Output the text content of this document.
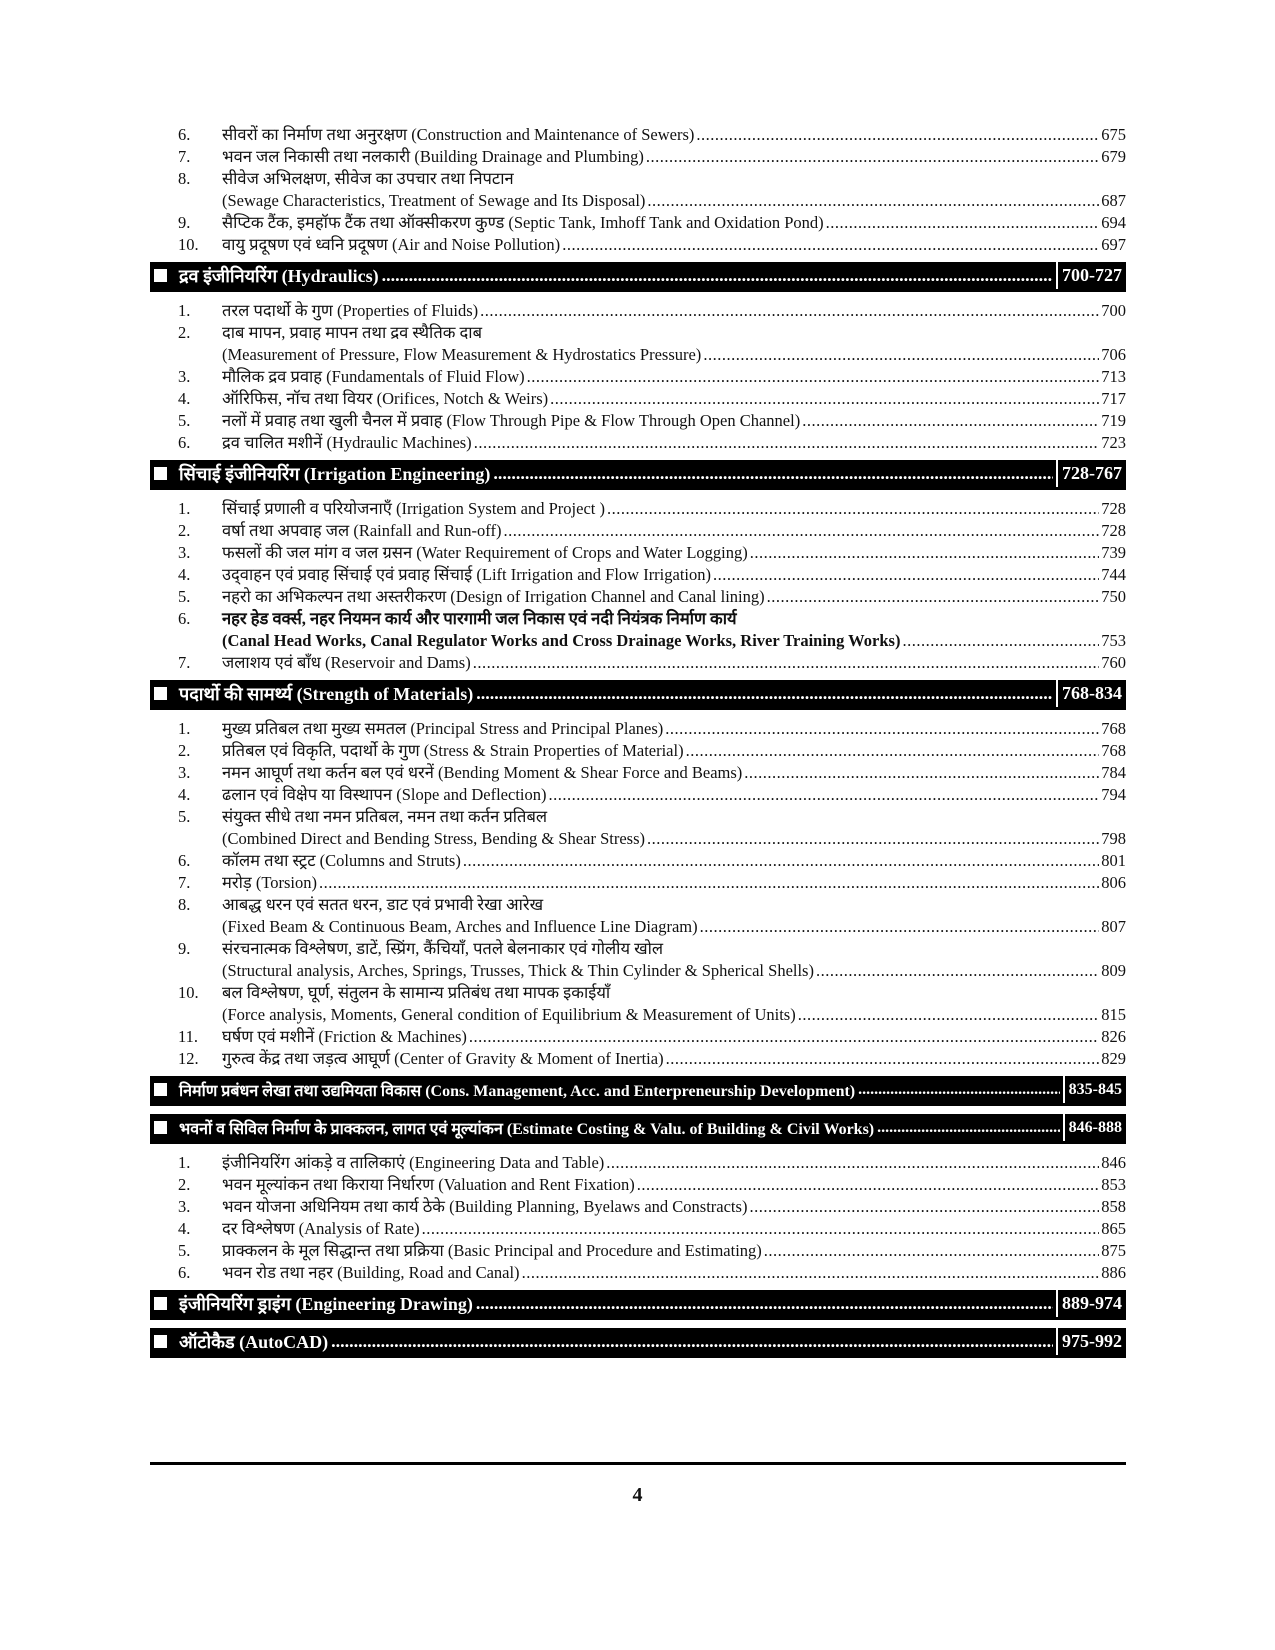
6.	सीवरों का निर्माण तथा अनुरक्षण (Construction and Maintenance of Sewers) .....	675
7.	भवन जल निकासी तथा नलकारी (Building Drainage and Plumbing) .....	679
8.	सीवेज अभिलक्षण, सीवेज का उपचार तथा निपटान
(Sewage Characteristics, Treatment of Sewage and Its Disposal) .....	687
9.	सैप्टिक टैंक, इमहॉफ टैंक तथा ऑक्सीकरण कुण्ड (Septic Tank, Imhoff Tank and Oxidation Pond) .....	694
10.	वायु प्रदूषण एवं ध्वनि प्रदूषण (Air and Noise Pollution) .....	697
द्रव इंजीनियरिंग (Hydraulics) .....	700-727
1.	तरल पदार्थो के गुण (Properties of Fluids) .....	700
2.	दाब मापन, प्रवाह मापन तथा द्रव स्थैतिक दाब
(Measurement of Pressure, Flow Measurement & Hydrostatics Pressure) .....	706
3.	मौलिक द्रव प्रवाह (Fundamentals of Fluid Flow) .....	713
4.	ऑरिफिस, नॉच तथा वियर (Orifices, Notch & Weirs) .....	717
5.	नलों में प्रवाह तथा खुली चैनल में प्रवाह (Flow Through Pipe & Flow Through Open Channel) .....	719
6.	द्रव चालित मशीनें (Hydraulic Machines) .....	723
सिंचाई इंजीनियरिंग (Irrigation Engineering) .....	728-767
1.	सिंचाई प्रणाली व परियोजनाएँ (Irrigation System and Project ) .....	728
2.	वर्षा तथा अपवाह जल (Rainfall and Run-off) .....	728
3.	फसलों की जल मांग व जल ग्रसन (Water Requirement of Crops and Water Logging) .....	739
4.	उद्‌वाहन एवं प्रवाह सिंचाई एवं प्रवाह सिंचाई (Lift Irrigation and Flow Irrigation) .....	744
5.	नहरो का अभिकल्पन तथा अस्तरीकरण (Design of Irrigation Channel and Canal lining) .....	750
6.	नहर हेड वर्क्स, नहर नियमन कार्य और पारगामी जल निकास एवं नदी नियंत्रक निर्माण कार्य
(Canal Head Works, Canal Regulator Works and Cross Drainage Works, River Training Works) .....	753
7.	जलाशय एवं बाँध (Reservoir and Dams) .....	760
पदार्थो की सामर्थ्य (Strength of Materials) .....	768-834
1.	मुख्य प्रतिबल तथा मुख्य समतल (Principal Stress and Principal Planes) .....	768
2.	प्रतिबल एवं विकृति, पदार्थो के गुण (Stress & Strain Properties of Material) .....	768
3.	नमन आघूर्ण तथा कर्तन बल एवं धरनें (Bending Moment & Shear Force and Beams) .....	784
4.	ढलान एवं विक्षेप या विस्थापन (Slope and Deflection) .....	794
5.	संयुक्त सीधे तथा नमन प्रतिबल, नमन तथा कर्तन प्रतिबल
(Combined Direct and Bending Stress, Bending & Shear Stress) .....	798
6.	कॉलम तथा स्ट्रट (Columns and Struts) .....	801
7.	मरोड़ (Torsion) .....	806
8.	आबद्ध धरन एवं सतत धरन, डाट एवं प्रभावी रेखा आरेख
(Fixed Beam & Continuous Beam, Arches and Influence Line Diagram) .....	807
9.	संरचनात्मक विश्लेषण, डाटें, स्प्रिंग, कैंचियाँ, पतले बेलनाकार एवं गोलीय खोल
(Structural analysis, Arches, Springs, Trusses, Thick & Thin Cylinder & Spherical Shells) .....	809
10.	बल विश्लेषण, घूर्ण, संतुलन के सामान्य प्रतिबंध तथा मापक इकाईयाँ
(Force analysis, Moments, General condition of Equilibrium & Measurement of Units) .....	815
11.	घर्षण एवं मशीनें (Friction & Machines) .....	826
12.	गुरुत्व केंद्र तथा जड़त्व आघूर्ण (Center of Gravity & Moment of Inertia) .....	829
निर्माण प्रबंधन लेखा तथा उद्यमियता विकास (Cons. Management, Acc. and Enterpreneurship Development) .....	835-845
भवनों व सिविल निर्माण के प्राक्कलन, लागत एवं मूल्यांकन (Estimate Costing & Valu. of Building & Civil Works) .....	846-888
1.	इंजीनियरिंग आंकड़े व तालिकाएं (Engineering Data and Table) .....	846
2.	भवन मूल्यांकन तथा किराया निर्धारण (Valuation and Rent Fixation) .....	853
3.	भवन योजना अधिनियम तथा कार्य ठेके (Building Planning, Byelaws and Constracts) .....	858
4.	दर विश्लेषण (Analysis of Rate) .....	865
5.	प्राक्कलन के मूल सिद्धान्त तथा प्रक्रिया (Basic Principal and Procedure and Estimating) .....	875
6.	भवन रोड तथा नहर (Building, Road and Canal) .....	886
इंजीनियरिंग ड्राइंग (Engineering Drawing) .....	889-974
ऑटोकैड (AutoCAD) .....	975-992
4
